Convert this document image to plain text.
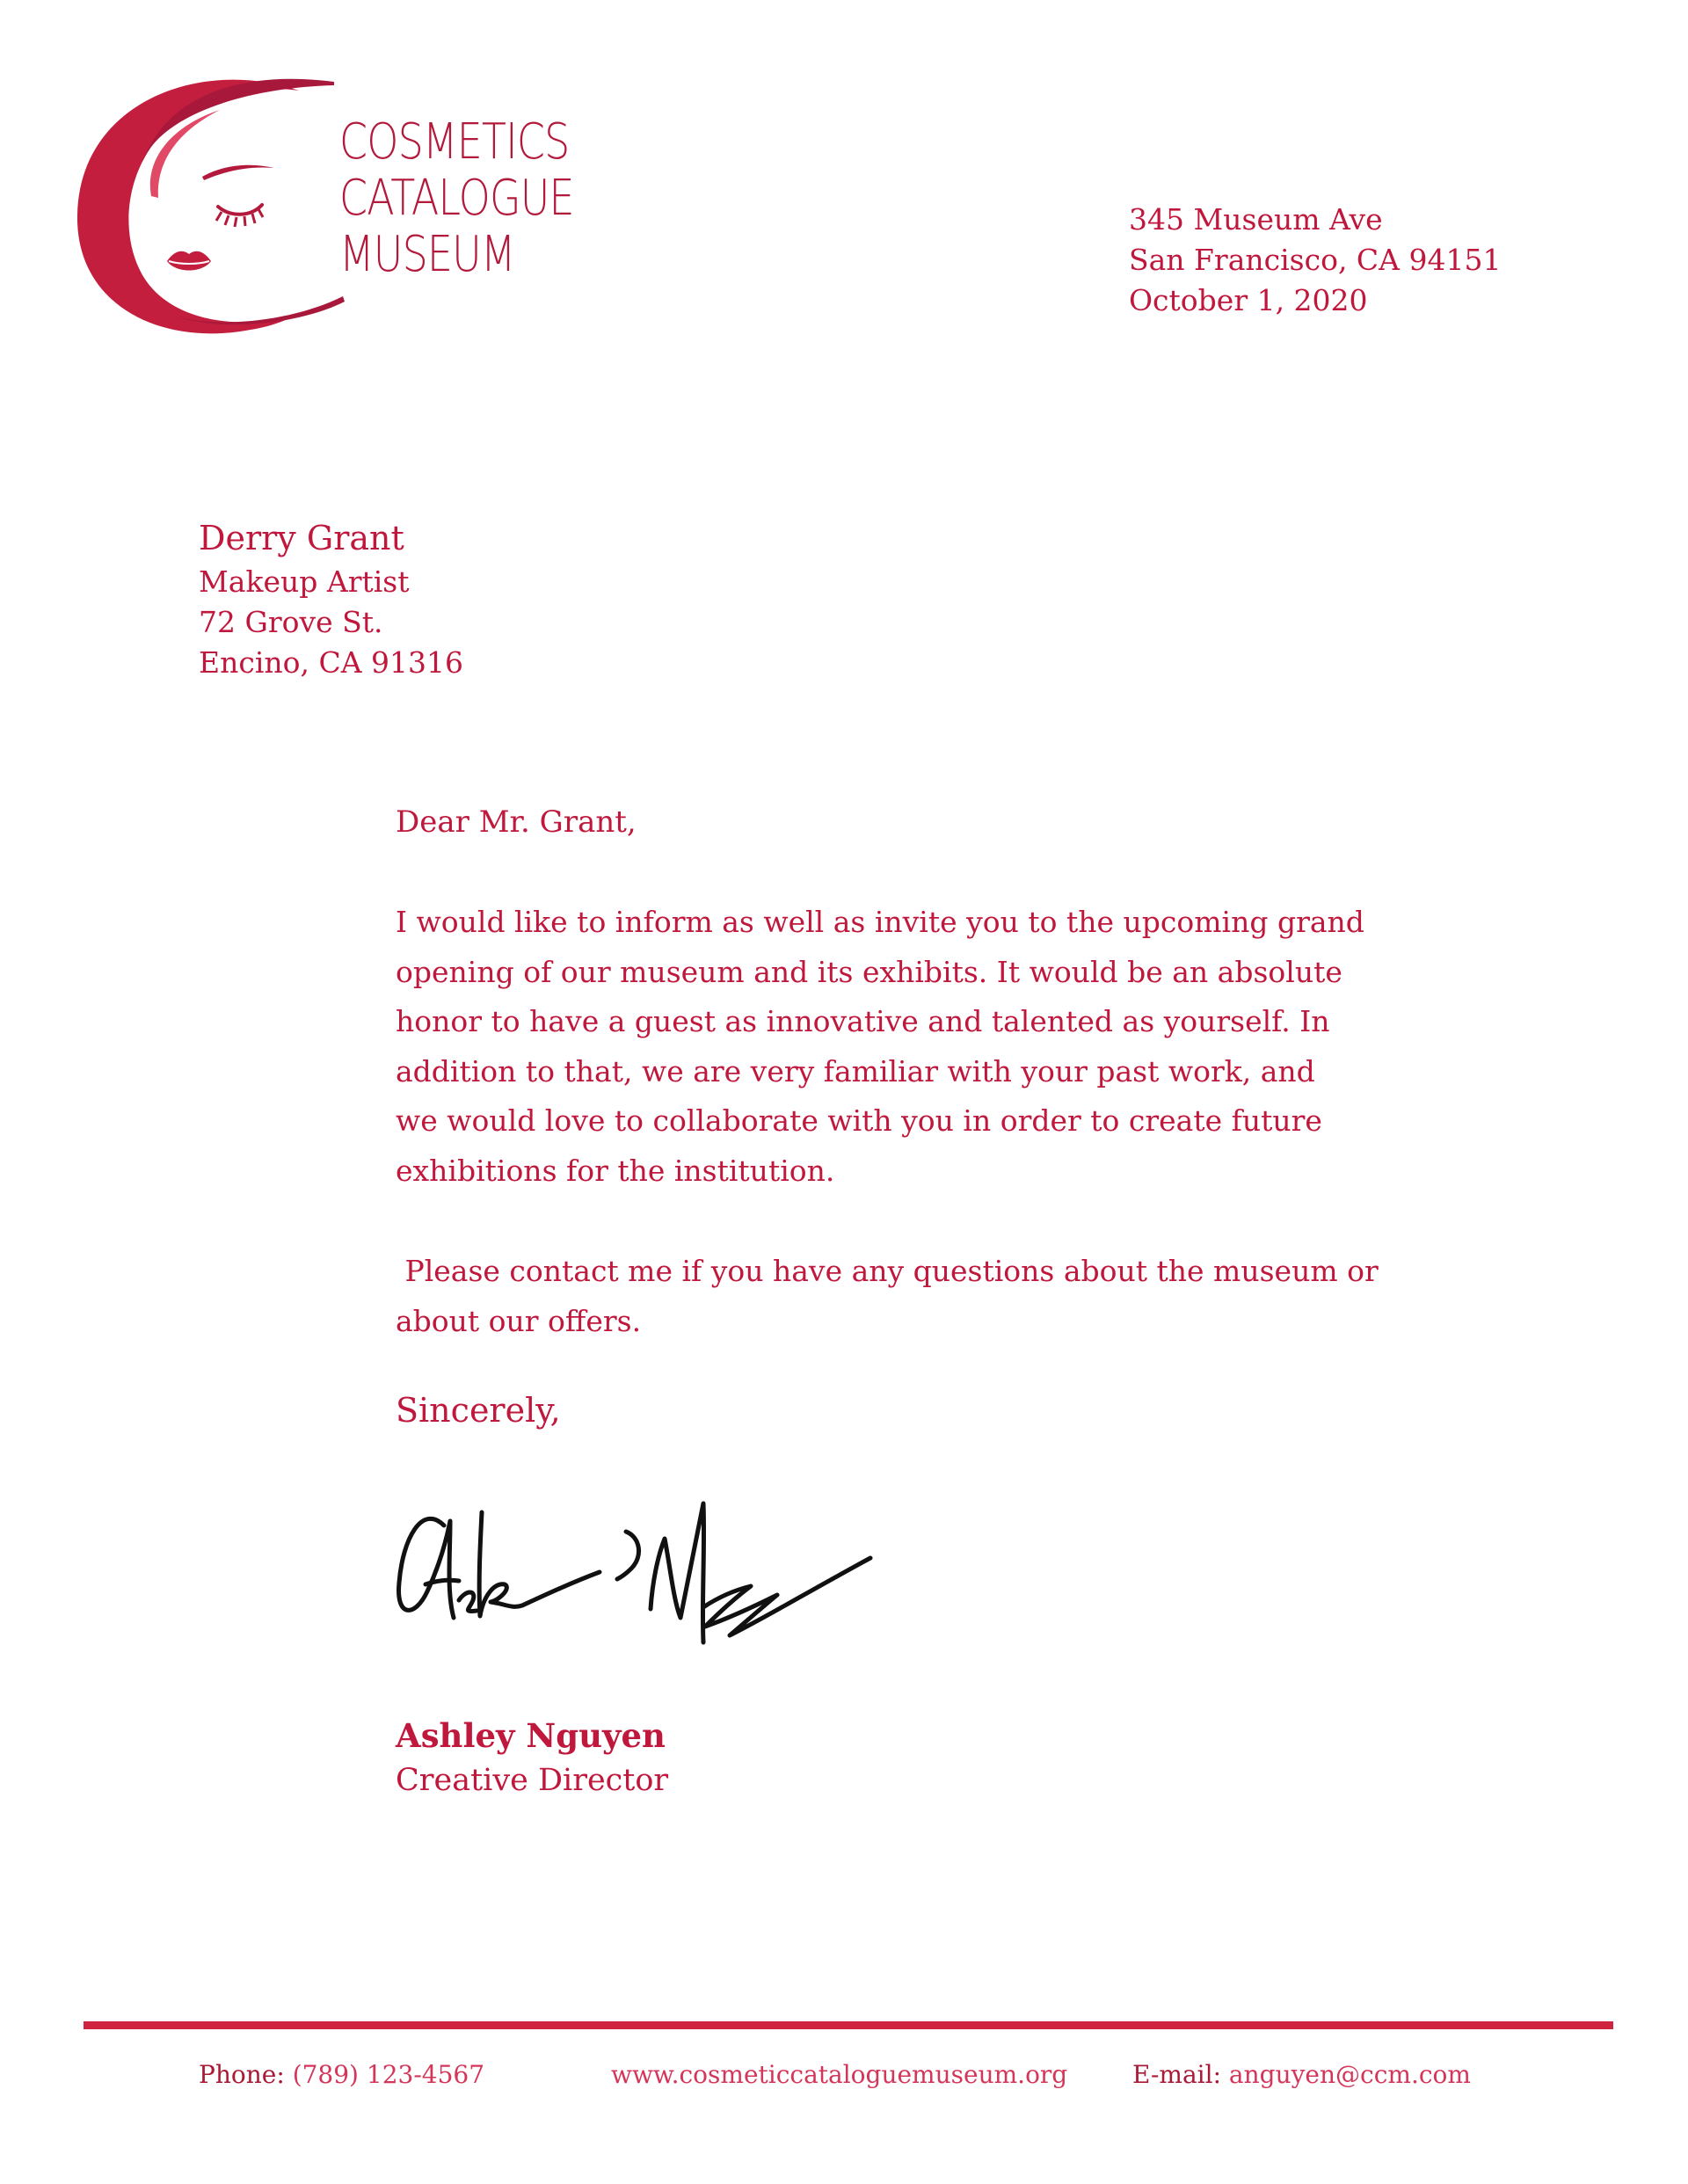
COSMETICS
CATALOGUE
MUSEUM
345 Museum Ave
San Francisco, CA 94151
October 1, 2020
Derry Grant
Makeup Artist
72 Grove St.
Encino, CA 91316
Dear Mr. Grant,
I would like to inform as well as invite you to the upcoming grand
opening of our museum and its exhibits. It would be an absolute
honor to have a guest as innovative and talented as yourself. In
addition to that, we are very familiar with your past work, and
we would love to collaborate with you in order to create future
exhibitions for the institution.
Please contact me if you have any questions about the museum or
about our offers.
Sincerely,
Ashley Nguyen
Creative Director
Phone: (789) 123-4567	www.cosmeticcataloguemuseum.org	E-mail: anguyen@ccm.com
